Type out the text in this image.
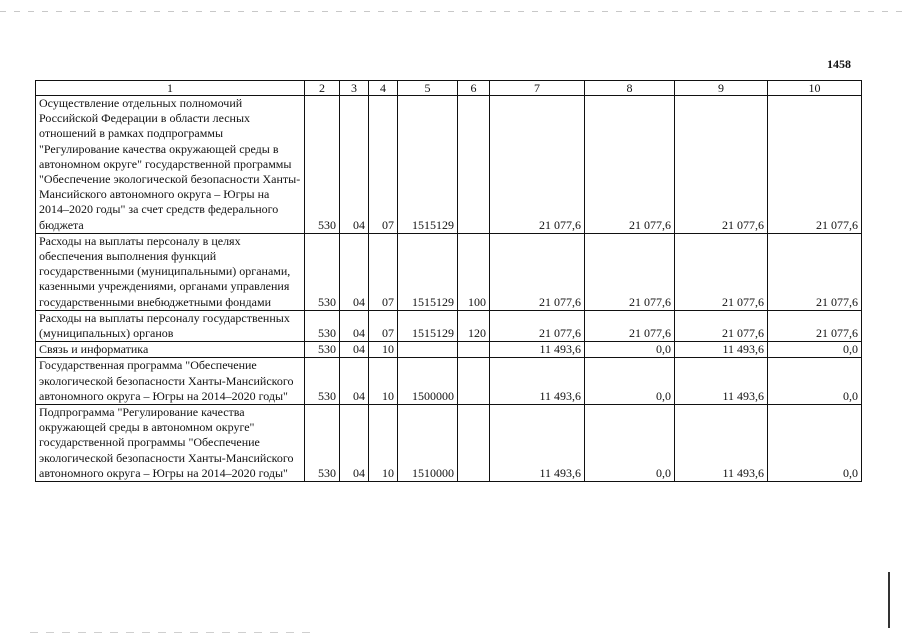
1458
1	2	3	4	5	6	7	8	9	10
Осуществление отдельных полномочий Российской Федерации в области лесных отношений в рамках подпрограммы "Регулирование качества окружающей среды в автономном округе" государственной программы "Обеспечение экологической безопасности Ханты-Мансийского автономного округа – Югры на 2014–2020 годы" за счет средств федерального бюджета	530	04	07	1515129		21 077,6	21 077,6	21 077,6	21 077,6
Расходы на выплаты персоналу в целях обеспечения выполнения функций государственными (муниципальными) органами, казенными учреждениями, органами управления государственными внебюджетными фондами	530	04	07	1515129	100	21 077,6	21 077,6	21 077,6	21 077,6
Расходы на выплаты персоналу государственных (муниципальных) органов	530	04	07	1515129	120	21 077,6	21 077,6	21 077,6	21 077,6
Связь и информатика	530	04	10			11 493,6	0,0	11 493,6	0,0
Государственная программа "Обеспечение экологической безопасности Ханты-Мансийского автономного округа – Югры на 2014–2020 годы"	530	04	10	1500000		11 493,6	0,0	11 493,6	0,0
Подпрограмма "Регулирование качества окружающей среды в автономном округе" государственной программы "Обеспечение экологической безопасности Ханты-Мансийского автономного округа – Югры на 2014–2020 годы"	530	04	10	1510000		11 493,6	0,0	11 493,6	0,0
